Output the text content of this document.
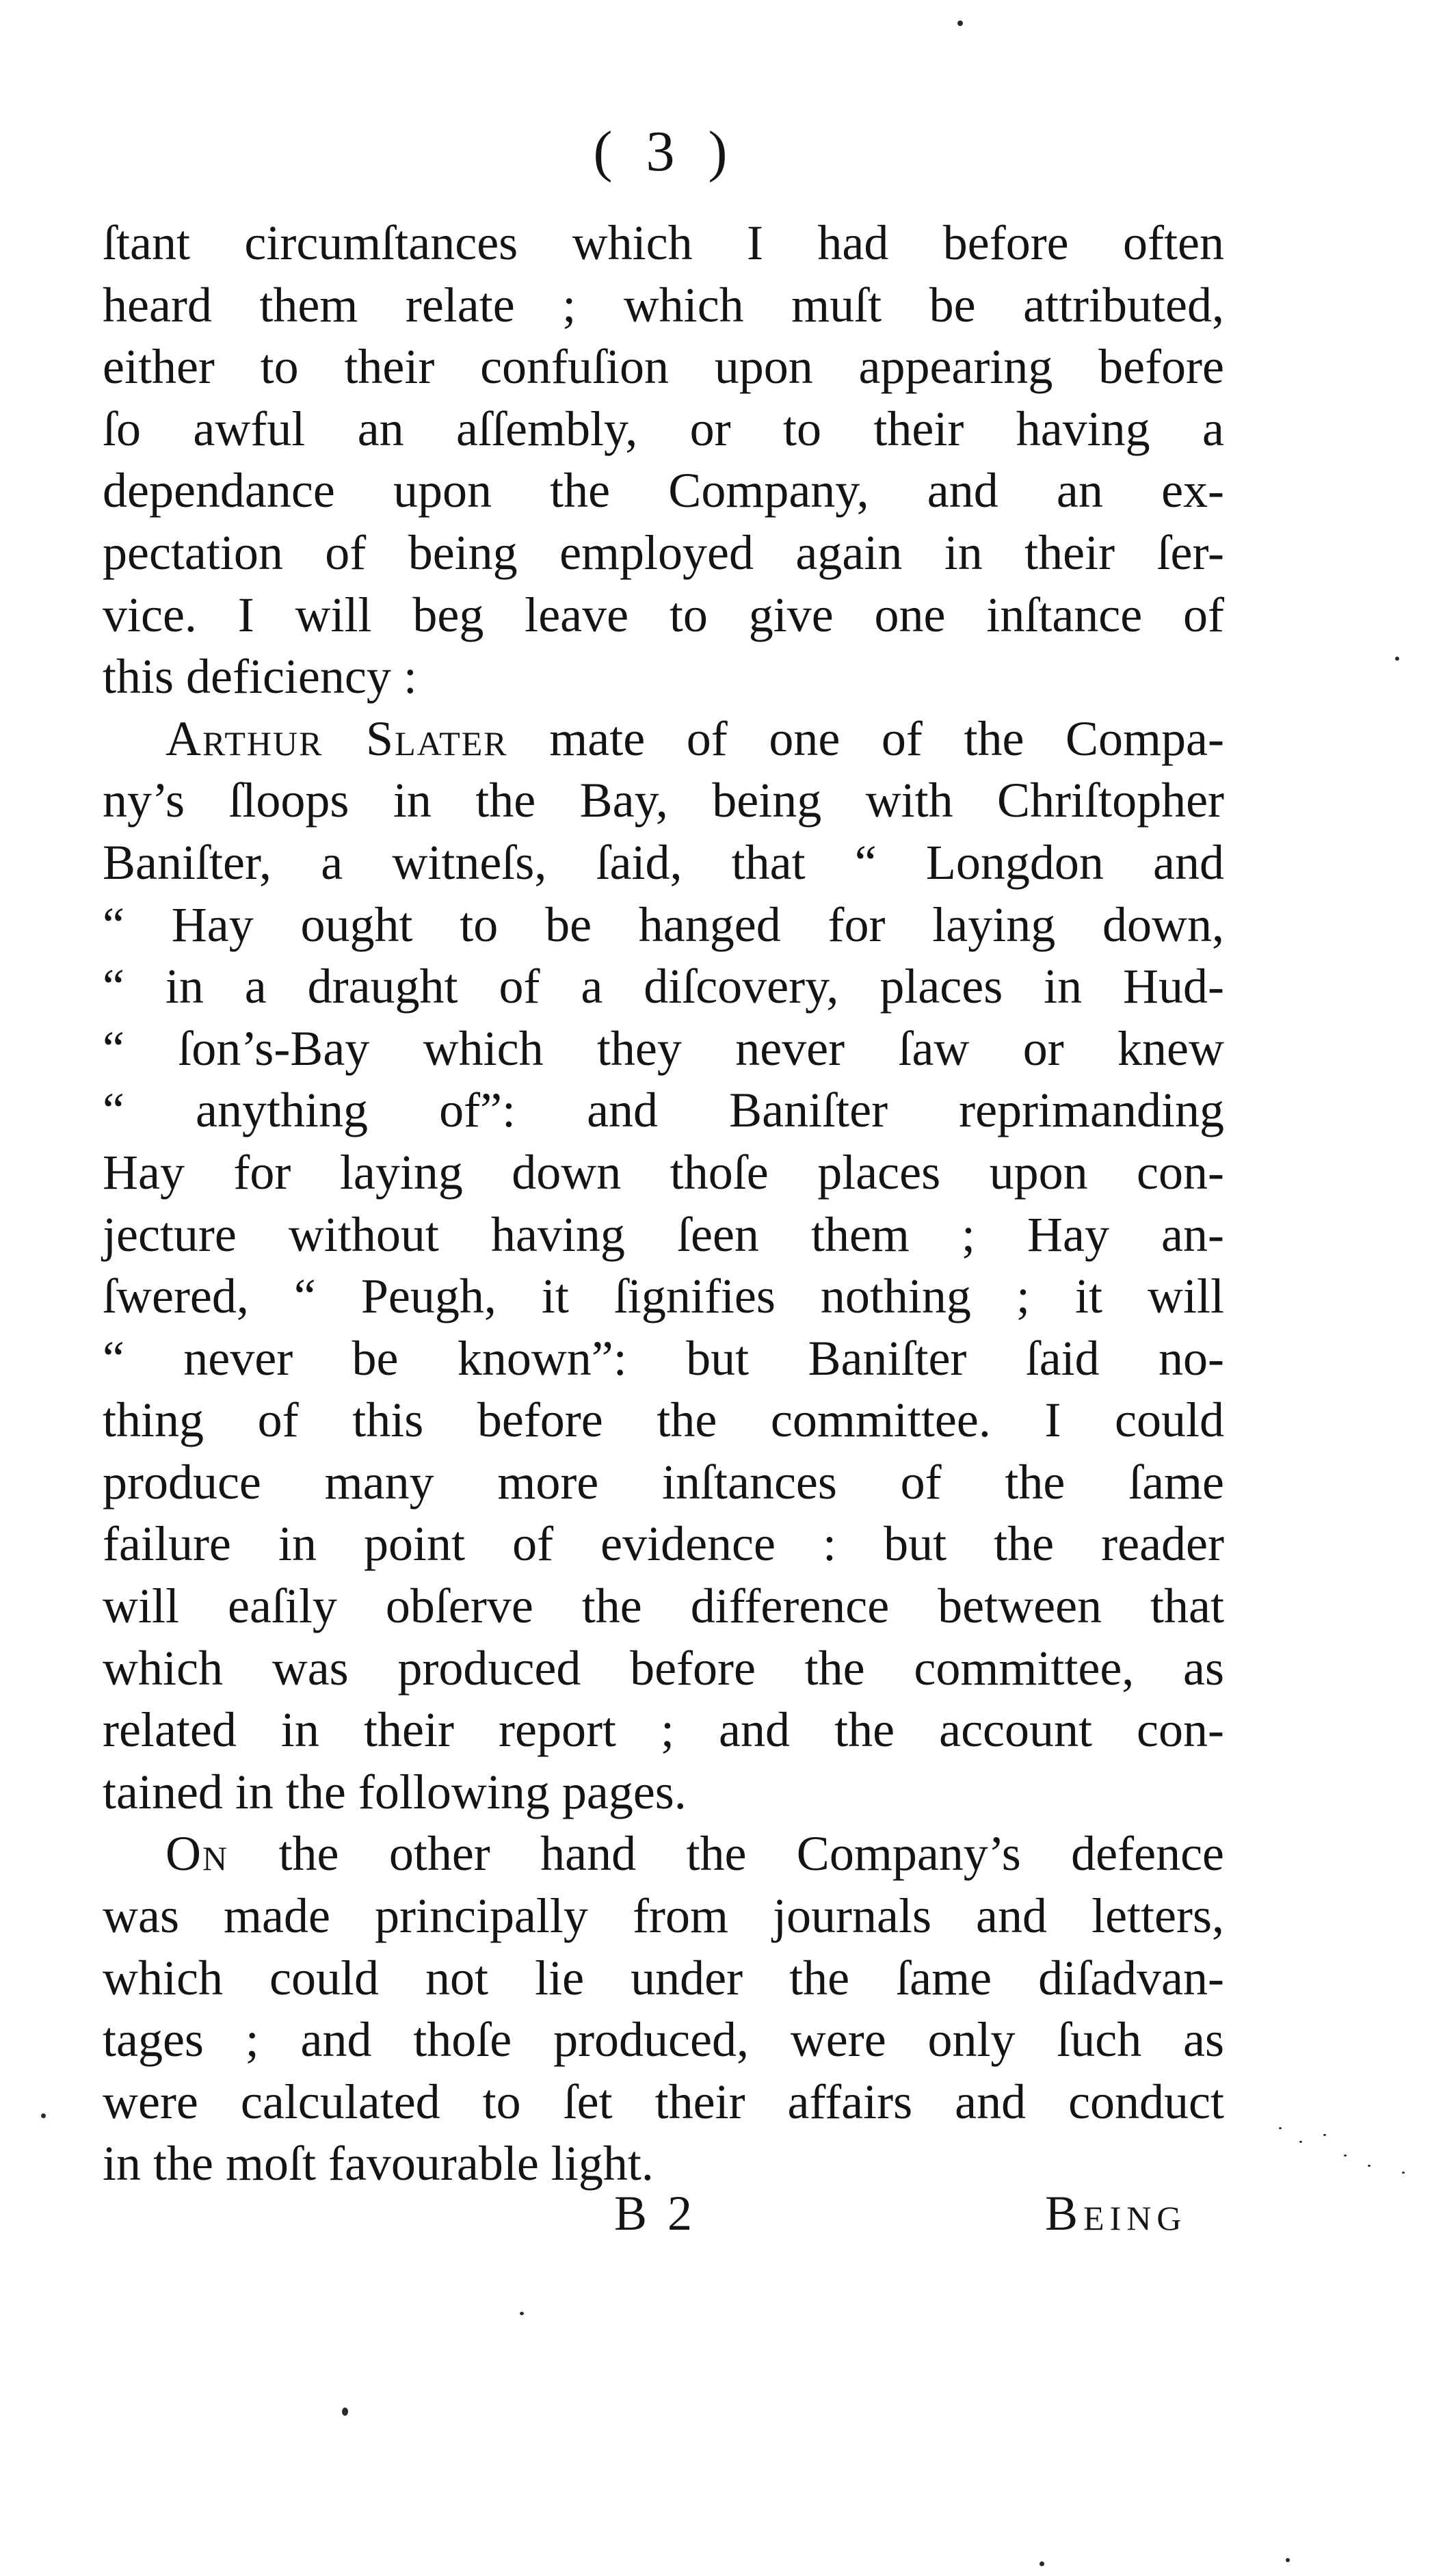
( 3 )
ſtant circumſtances which I had before often
heard them relate ; which muſt be attributed,
either to their confuſion upon appearing before
ſo awful an aſſembly, or to their having a
dependance upon the Company, and an ex-
pectation of being employed again in their ſer-
vice. I will beg leave to give one inſtance of
this deficiency :
Arthur Slater mate of one of the Compa-
ny’s ſloops in the Bay, being with Chriſtopher
Baniſter, a witneſs, ſaid, that “ Longdon and
“ Hay ought to be hanged for laying down,
“ in a draught of a diſcovery, places in Hud-
“ ſon’s-Bay which they never ſaw or knew
“ anything of”: and Baniſter reprimanding
Hay for laying down thoſe places upon con-
jecture without having ſeen them ; Hay an-
ſwered, “ Peugh, it ſignifies nothing ; it will
“ never be known”: but Baniſter ſaid no-
thing of this before the committee. I could
produce many more inſtances of the ſame
failure in point of evidence : but the reader
will eaſily obſerve the difference between that
which was produced before the committee, as
related in their report ; and the account con-
tained in the following pages.
On the other hand the Company’s defence
was made principally from journals and letters,
which could not lie under the ſame diſadvan-
tages ; and thoſe produced, were only ſuch as
were calculated to ſet their affairs and conduct
in the moſt favourable light.
B 2	Being
